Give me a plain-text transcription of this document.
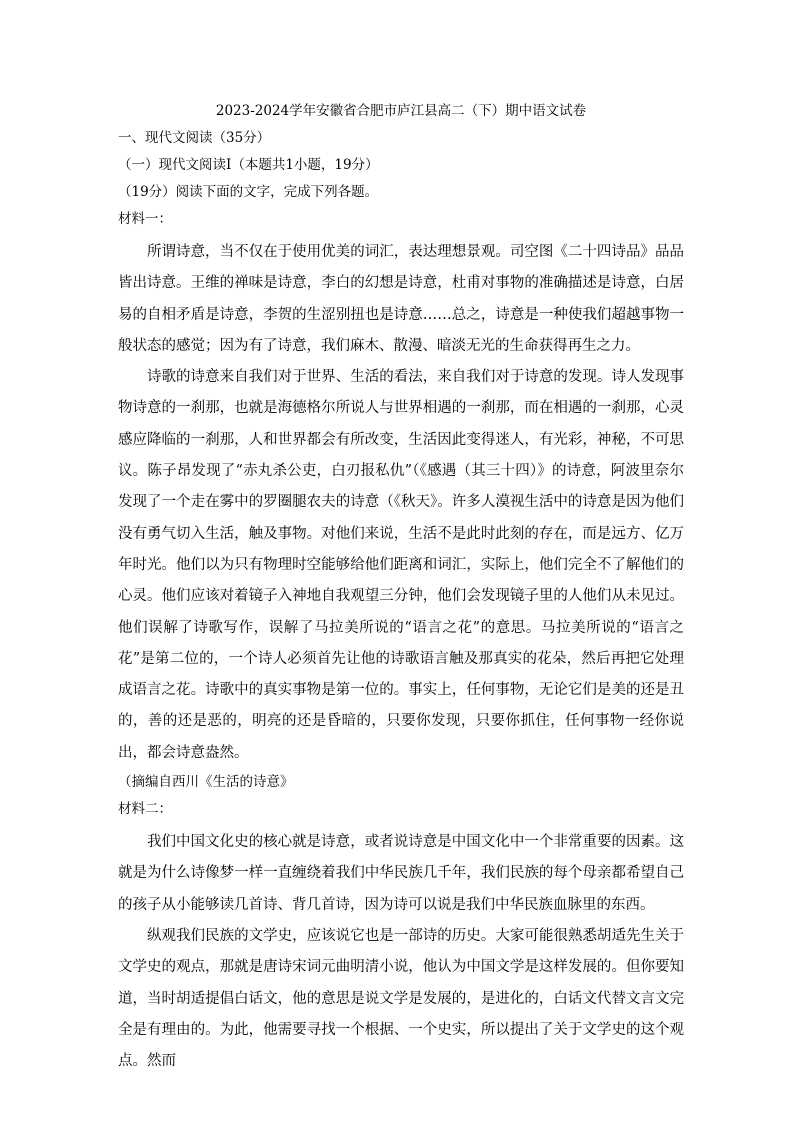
2023-2024学年安徽省合肥市庐江县高二（下）期中语文试卷
一、现代文阅读（35分）
（一）现代文阅读Ⅰ（本题共1小题，19分）
（19分）阅读下面的文字，完成下列各题。
材料一：

所谓诗意，当不仅在于使用优美的词汇，表达理想景观。司空图《二十四诗品》品品皆出诗意。王维的禅味是诗意，李白的幻想是诗意，杜甫对事物的准确描述是诗意，白居易的自相矛盾是诗意，李贺的生涩别扭也是诗意……总之，诗意是一种使我们超越事物一般状态的感觉；因为有了诗意，我们麻木、散漫、暗淡无光的生命获得再生之力。

诗歌的诗意来自我们对于世界、生活的看法，来自我们对于诗意的发现。诗人发现事物诗意的一刹那，也就是海德格尔所说人与世界相遇的一刹那，而在相遇的一刹那，心灵感应降临的一刹那，人和世界都会有所改变，生活因此变得迷人，有光彩，神秘，不可思议。陈子昂发现了“赤丸杀公吏，白刃报私仇”（《感遇（其三十四）》的诗意，阿波里奈尔发现了一个走在雾中的罗圈腿农夫的诗意（《秋天》。许多人漠视生活中的诗意是因为他们没有勇气切入生活，触及事物。对他们来说，生活不是此时此刻的存在，而是远方、亿万年时光。他们以为只有物理时空能够给他们距离和词汇，实际上，他们完全不了解他们的心灵。他们应该对着镜子入神地自我观望三分钟，他们会发现镜子里的人他们从未见过。他们误解了诗歌写作，误解了马拉美所说的“语言之花”的意思。马拉美所说的“语言之花”是第二位的，一个诗人必须首先让他的诗歌语言触及那真实的花朵，然后再把它处理成语言之花。诗歌中的真实事物是第一位的。事实上，任何事物，无论它们是美的还是丑的，善的还是恶的，明亮的还是昏暗的，只要你发现，只要你抓住，任何事物一经你说出，都会诗意盎然。

（摘编自西川《生活的诗意》
材料二：

我们中国文化史的核心就是诗意，或者说诗意是中国文化中一个非常重要的因素。这就是为什么诗像梦一样一直缠绕着我们中华民族几千年，我们民族的每个母亲都希望自己的孩子从小能够读几首诗、背几首诗，因为诗可以说是我们中华民族血脉里的东西。

纵观我们民族的文学史，应该说它也是一部诗的历史。大家可能很熟悉胡适先生关于文学史的观点，那就是唐诗宋词元曲明清小说，他认为中国文学是这样发展的。但你要知道，当时胡适提倡白话文，他的意思是说文学是发展的，是进化的，白话文代替文言文完全是有理由的。为此，他需要寻找一个根据、一个史实，所以提出了关于文学史的这个观点。然而
